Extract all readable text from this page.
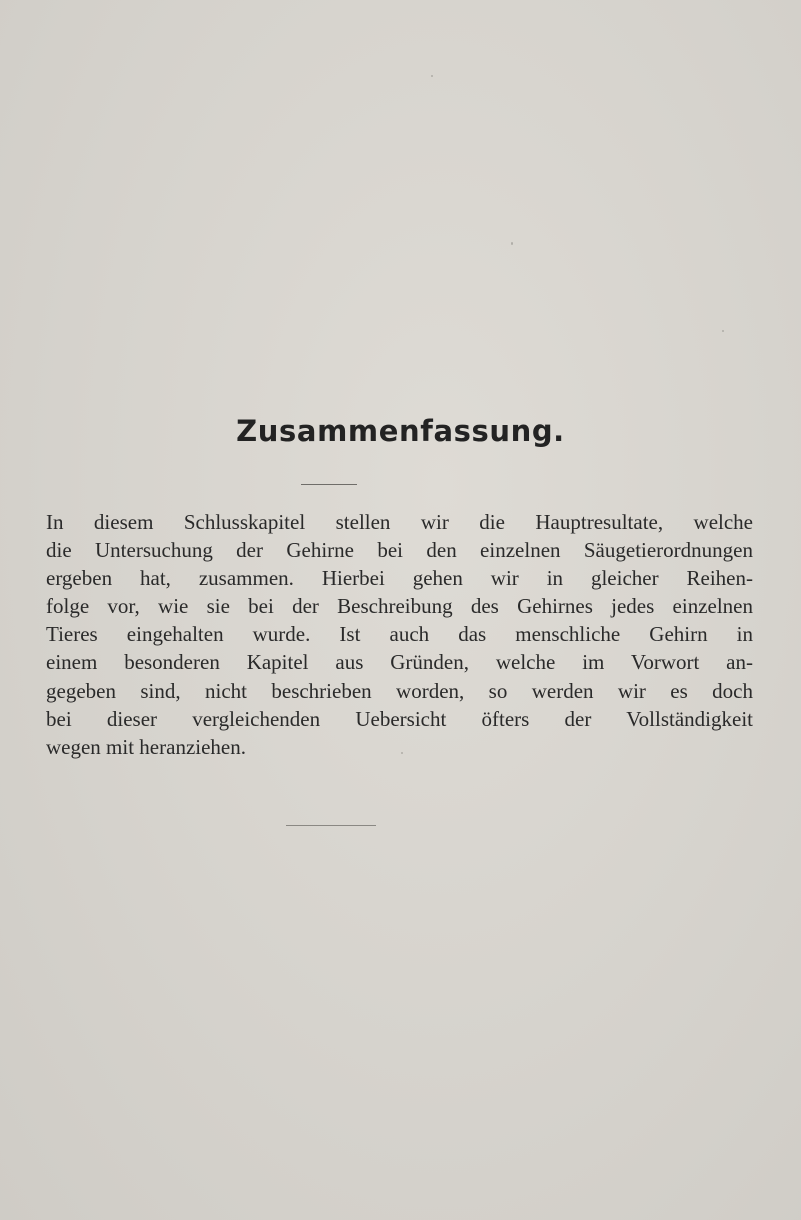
Zusammenfassung.

In diesem Schlusskapitel stellen wir die Hauptresultate, welche
die Untersuchung der Gehirne bei den einzelnen Säugetierordnungen
ergeben hat, zusammen. Hierbei gehen wir in gleicher Reihen-
folge vor, wie sie bei der Beschreibung des Gehirnes jedes einzelnen
Tieres eingehalten wurde. Ist auch das menschliche Gehirn in
einem besonderen Kapitel aus Gründen, welche im Vorwort an-
gegeben sind, nicht beschrieben worden, so werden wir es doch
bei dieser vergleichenden Uebersicht öfters der Vollständigkeit
wegen mit heranziehen.
